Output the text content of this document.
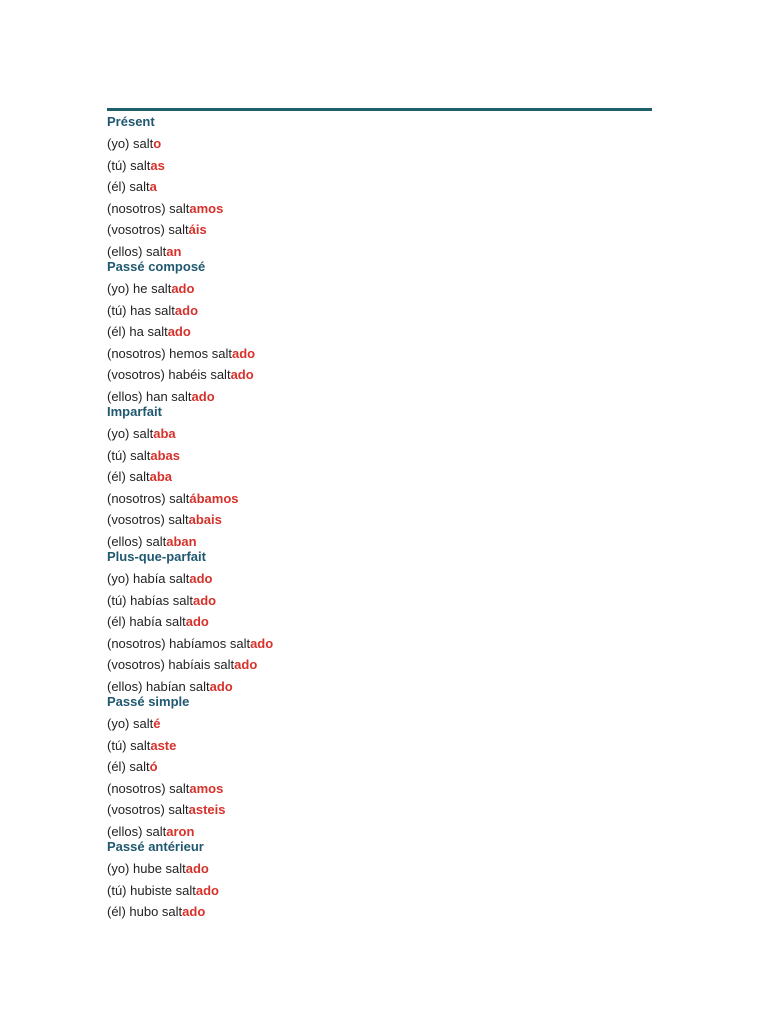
Présent
(yo) salto
(tú) saltas
(él) salta
(nosotros) saltamos
(vosotros) saltáis
(ellos) saltan
Passé composé
(yo) he saltado
(tú) has saltado
(él) ha saltado
(nosotros) hemos saltado
(vosotros) habéis saltado
(ellos) han saltado
Imparfait
(yo) saltaba
(tú) saltabas
(él) saltaba
(nosotros) saltábamos
(vosotros) saltabais
(ellos) saltaban
Plus-que-parfait
(yo) había saltado
(tú) habías saltado
(él) había saltado
(nosotros) habíamos saltado
(vosotros) habíais saltado
(ellos) habían saltado
Passé simple
(yo) salté
(tú) saltaste
(él) saltó
(nosotros) saltamos
(vosotros) saltasteis
(ellos) saltaron
Passé antérieur
(yo) hube saltado
(tú) hubiste saltado
(él) hubo saltado
